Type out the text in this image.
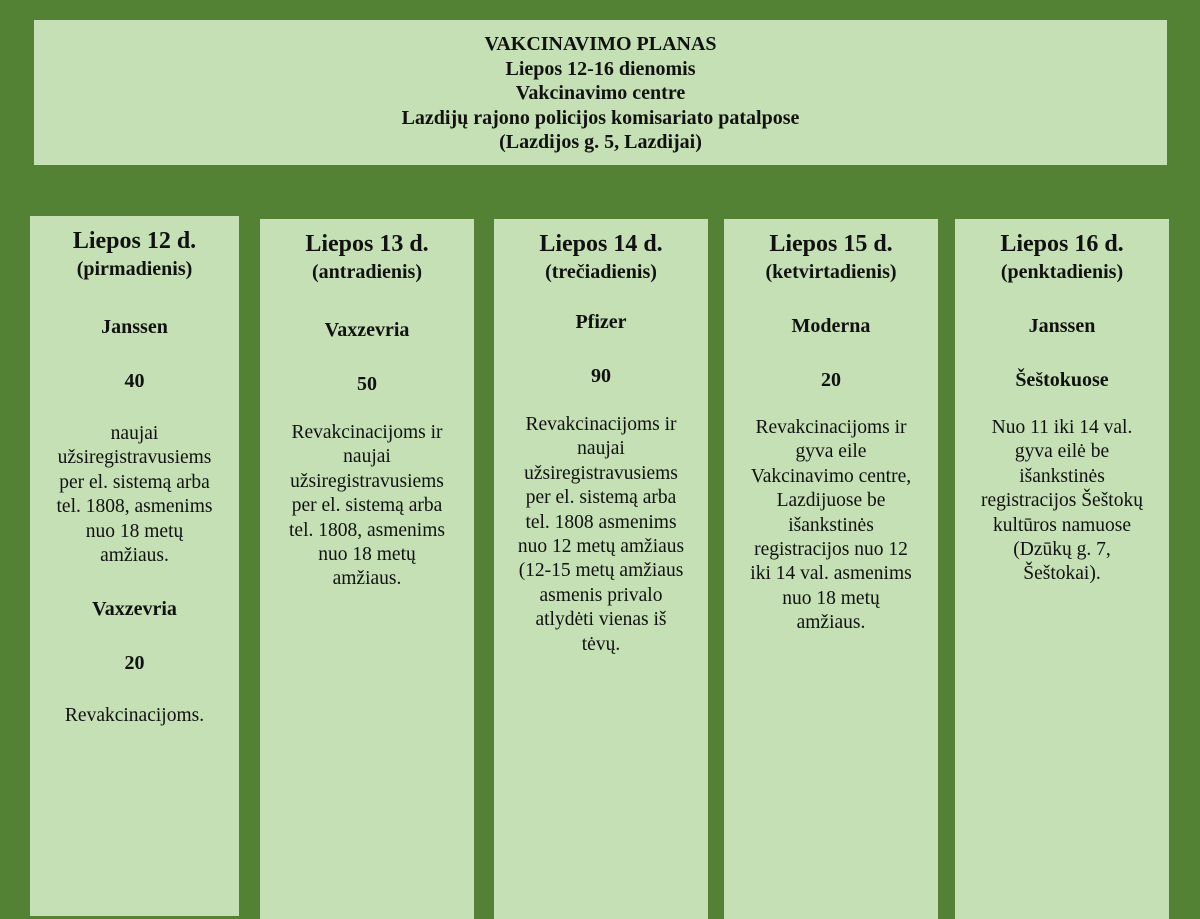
VAKCINAVIMO PLANAS
Liepos 12-16 dienomis
Vakcinavimo centre
Lazdijų rajono policijos komisariato patalpose
(Lazdijos g. 5, Lazdijai)
Liepos 12 d.
(pirmadienis)
Janssen
40
naujai
užsiregistravusiems
per el. sistemą arba
tel. 1808, asmenims
nuo 18 metų
amžiaus.
Vaxzevria
20
Revakcinacijoms.
Liepos 13 d.
(antradienis)
Vaxzevria
50
Revakcinacijoms ir
naujai
užsiregistravusiems
per el. sistemą arba
tel. 1808, asmenims
nuo 18 metų
amžiaus.
Liepos 14 d.
(trečiadienis)
Pfizer
90
Revakcinacijoms ir
naujai
užsiregistravusiems
per el. sistemą arba
tel. 1808 asmenims
nuo 12 metų amžiaus
(12-15 metų amžiaus
asmenis privalo
atlydėti vienas iš
tėvų.
Liepos 15 d.
(ketvirtadienis)
Moderna
20
Revakcinacijoms ir
gyva eile
Vakcinavimo centre,
Lazdijuose be
išankstinės
registracijos nuo 12
iki 14 val. asmenims
nuo 18 metų
amžiaus.
Liepos 16 d.
(penktadienis)
Janssen
Šeštokuose
Nuo 11 iki 14 val.
gyva eilė be
išankstinės
registracijos Šeštokų
kultūros namuose
(Dzūkų g. 7,
Šeštokai).
